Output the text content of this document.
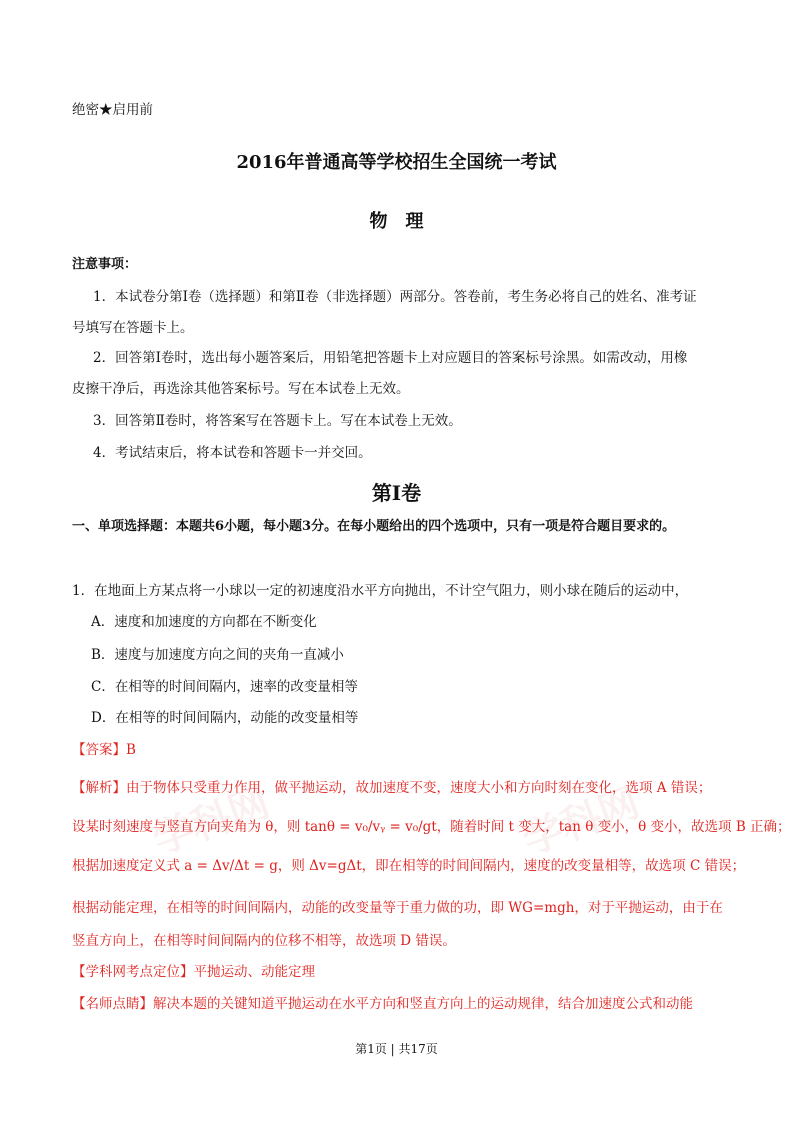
学科网	学科网
绝密★启用前
2016年普通高等学校招生全国统一考试
物　理
注意事项：
1．本试卷分第Ⅰ卷（选择题）和第Ⅱ卷（非选择题）两部分。答卷前，考生务必将自己的姓名、准考证
号填写在答题卡上。
2．回答第Ⅰ卷时，选出每小题答案后，用铅笔把答题卡上对应题目的答案标号涂黑。如需改动，用橡
皮擦干净后，再选涂其他答案标号。写在本试卷上无效。
3．回答第Ⅱ卷时，将答案写在答题卡上。写在本试卷上无效。
4．考试结束后，将本试卷和答题卡一并交回。
第Ⅰ卷
一、单项选择题：本题共6小题，每小题3分。在每小题给出的四个选项中，只有一项是符合题目要求的。
1．在地面上方某点将一小球以一定的初速度沿水平方向抛出，不计空气阻力，则小球在随后的运动中，
A．速度和加速度的方向都在不断变化
B．速度与加速度方向之间的夹角一直减小
C．在相等的时间间隔内，速率的改变量相等
D．在相等的时间间隔内，动能的改变量相等
【答案】B
【解析】由于物体只受重力作用，做平抛运动，故加速度不变，速度大小和方向时刻在变化，选项 A 错误；
设某时刻速度与竖直方向夹角为 θ，则 tanθ = v₀/vᵧ = v₀/gt，随着时间 t 变大，tan θ 变小，θ 变小，故选项 B 正确；
根据加速度定义式 a = Δv/Δt = g，则 Δv=gΔt，即在相等的时间间隔内，速度的改变量相等，故选项 C 错误；
根据动能定理，在相等的时间间隔内，动能的改变量等于重力做的功，即 WG=mgh，对于平抛运动，由于在
竖直方向上，在相等时间间隔内的位移不相等，故选项 D 错误。
【学科网考点定位】平抛运动、动能定理
【名师点睛】解决本题的关键知道平抛运动在水平方向和竖直方向上的运动规律，结合加速度公式和动能
第1页 | 共17页
